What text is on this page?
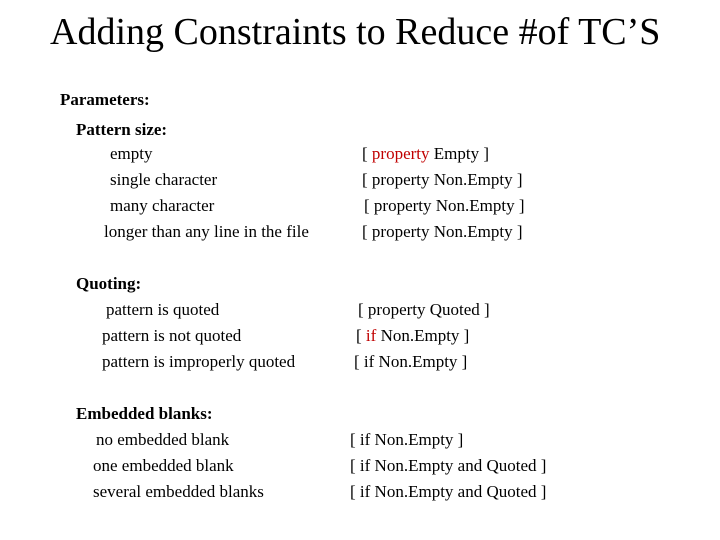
Adding Constraints to Reduce #of TC’S
Parameters:
Pattern size:
empty	[ property Empty ]
single character	[ property Non.Empty ]
many character	[ property Non.Empty ]
longer than any line in the file	[ property Non.Empty ]
Quoting:
pattern is quoted	[ property Quoted ]
pattern is not quoted	[ if Non.Empty ]
pattern is improperly quoted	[ if Non.Empty ]
Embedded blanks:
no embedded blank	[ if Non.Empty ]
one embedded blank	[ if Non.Empty and Quoted ]
several embedded blanks	[ if Non.Empty and Quoted ]
